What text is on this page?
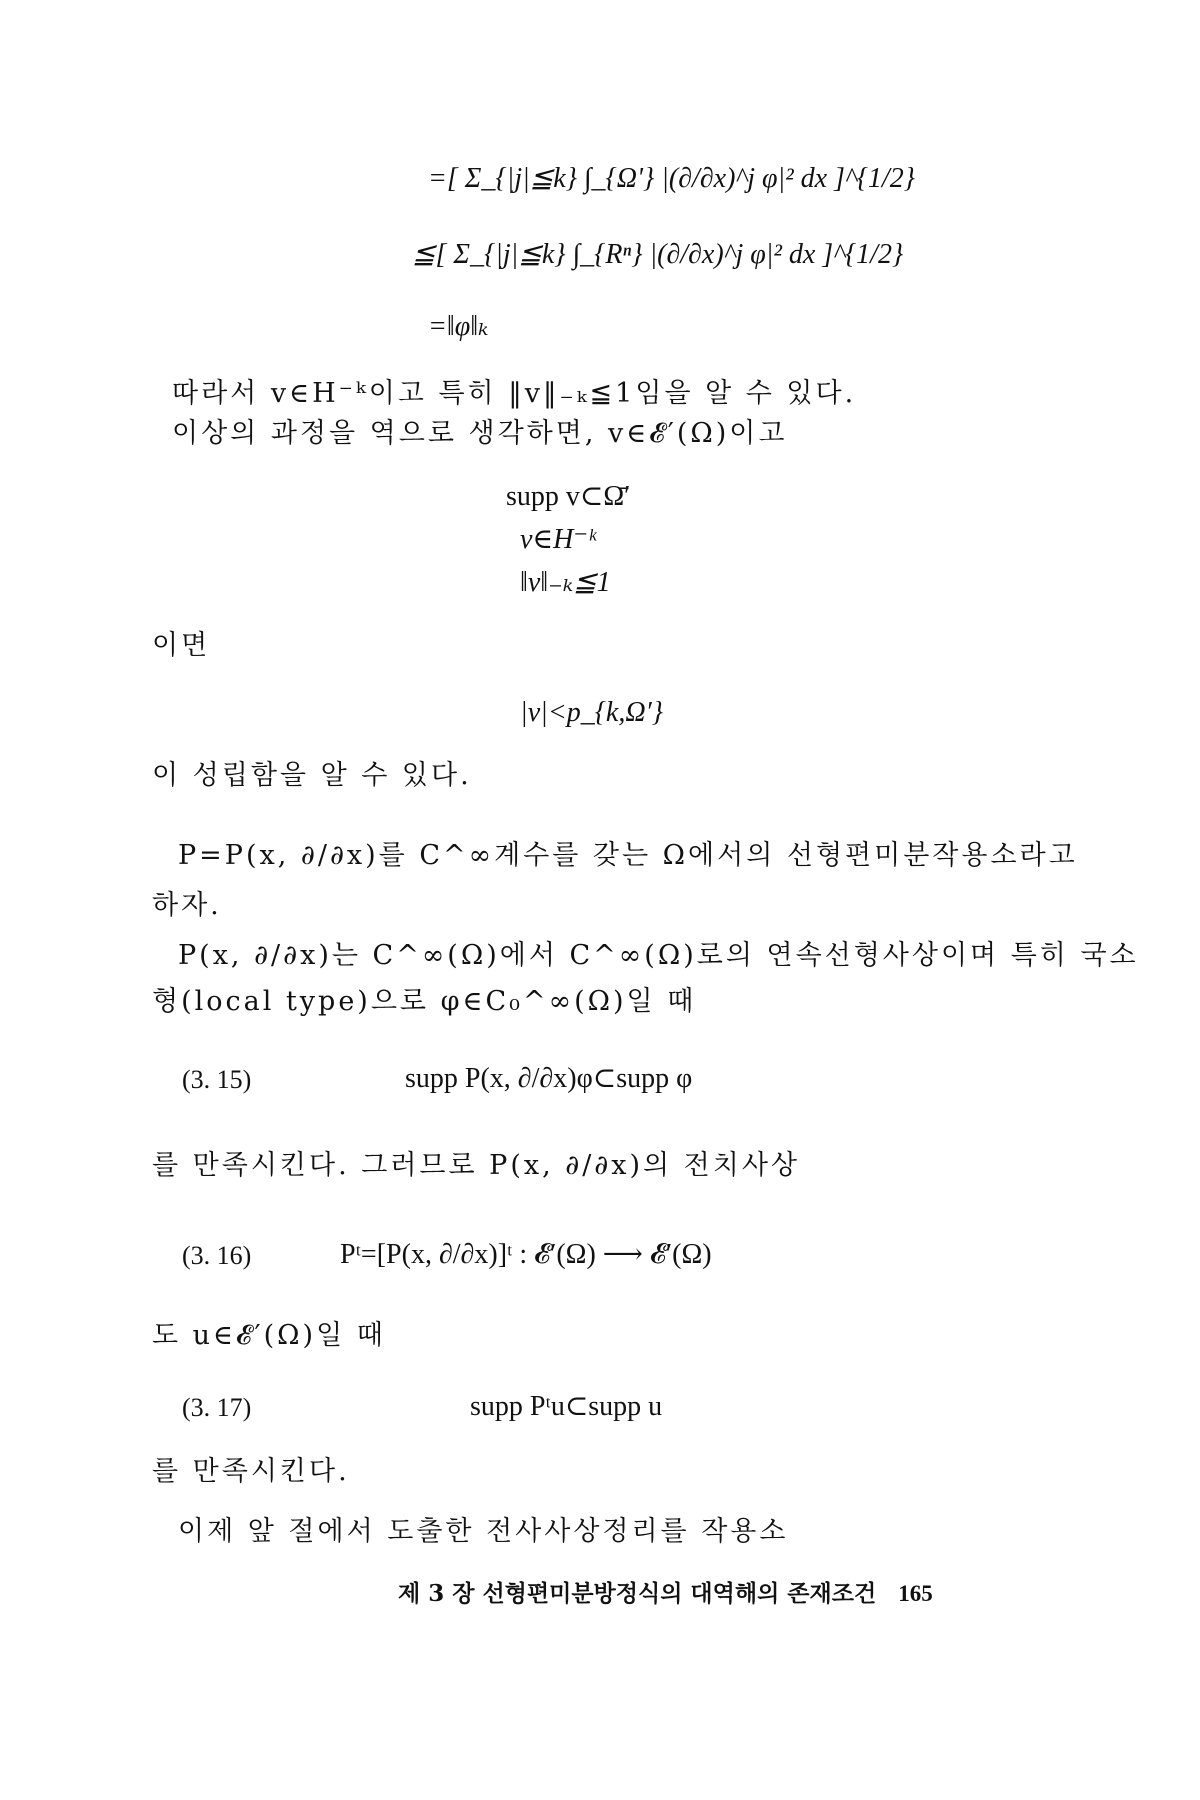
=[ Σ_{|j|≦k} ∫_{Ω'} |(∂/∂x)^j φ|² dx ]^{1/2}
≦[ Σ_{|j|≦k} ∫_{Rⁿ} |(∂/∂x)^j φ|² dx ]^{1/2}
=‖φ‖ₖ
따라서 v∈H⁻ᵏ이고 특히 ‖v‖₋ₖ≦1임을 알 수 있다.
이상의 과정을 역으로 생각하면, v∈𝓔′(Ω)이고
supp v⊂Ω̄′
v∈H⁻ᵏ
‖v‖₋ₖ≦1
이면
|v|<p_{k,Ω′}
이 성립함을 알 수 있다.
P=P(x, ∂/∂x)를 C^∞계수를 갖는 Ω에서의 선형편미분작용소라고
하자.
P(x, ∂/∂x)는 C^∞(Ω)에서 C^∞(Ω)로의 연속선형사상이며 특히 국소
형(local type)으로 φ∈C₀^∞(Ω)일 때
(3. 15)	supp P(x, ∂/∂x)φ⊂supp φ
를 만족시킨다. 그러므로 P(x, ∂/∂x)의 전치사상
(3. 16)	Pᵗ=[P(x, ∂/∂x)]ᵗ : 𝓔′(Ω) ⟶ 𝓔′(Ω)
도 u∈𝓔′(Ω)일 때
(3. 17)	supp Pᵗu⊂supp u
를 만족시킨다.
이제 앞 절에서 도출한 전사사상정리를 작용소
제 3 장 선형편미분방정식의 대역해의 존재조건 165
